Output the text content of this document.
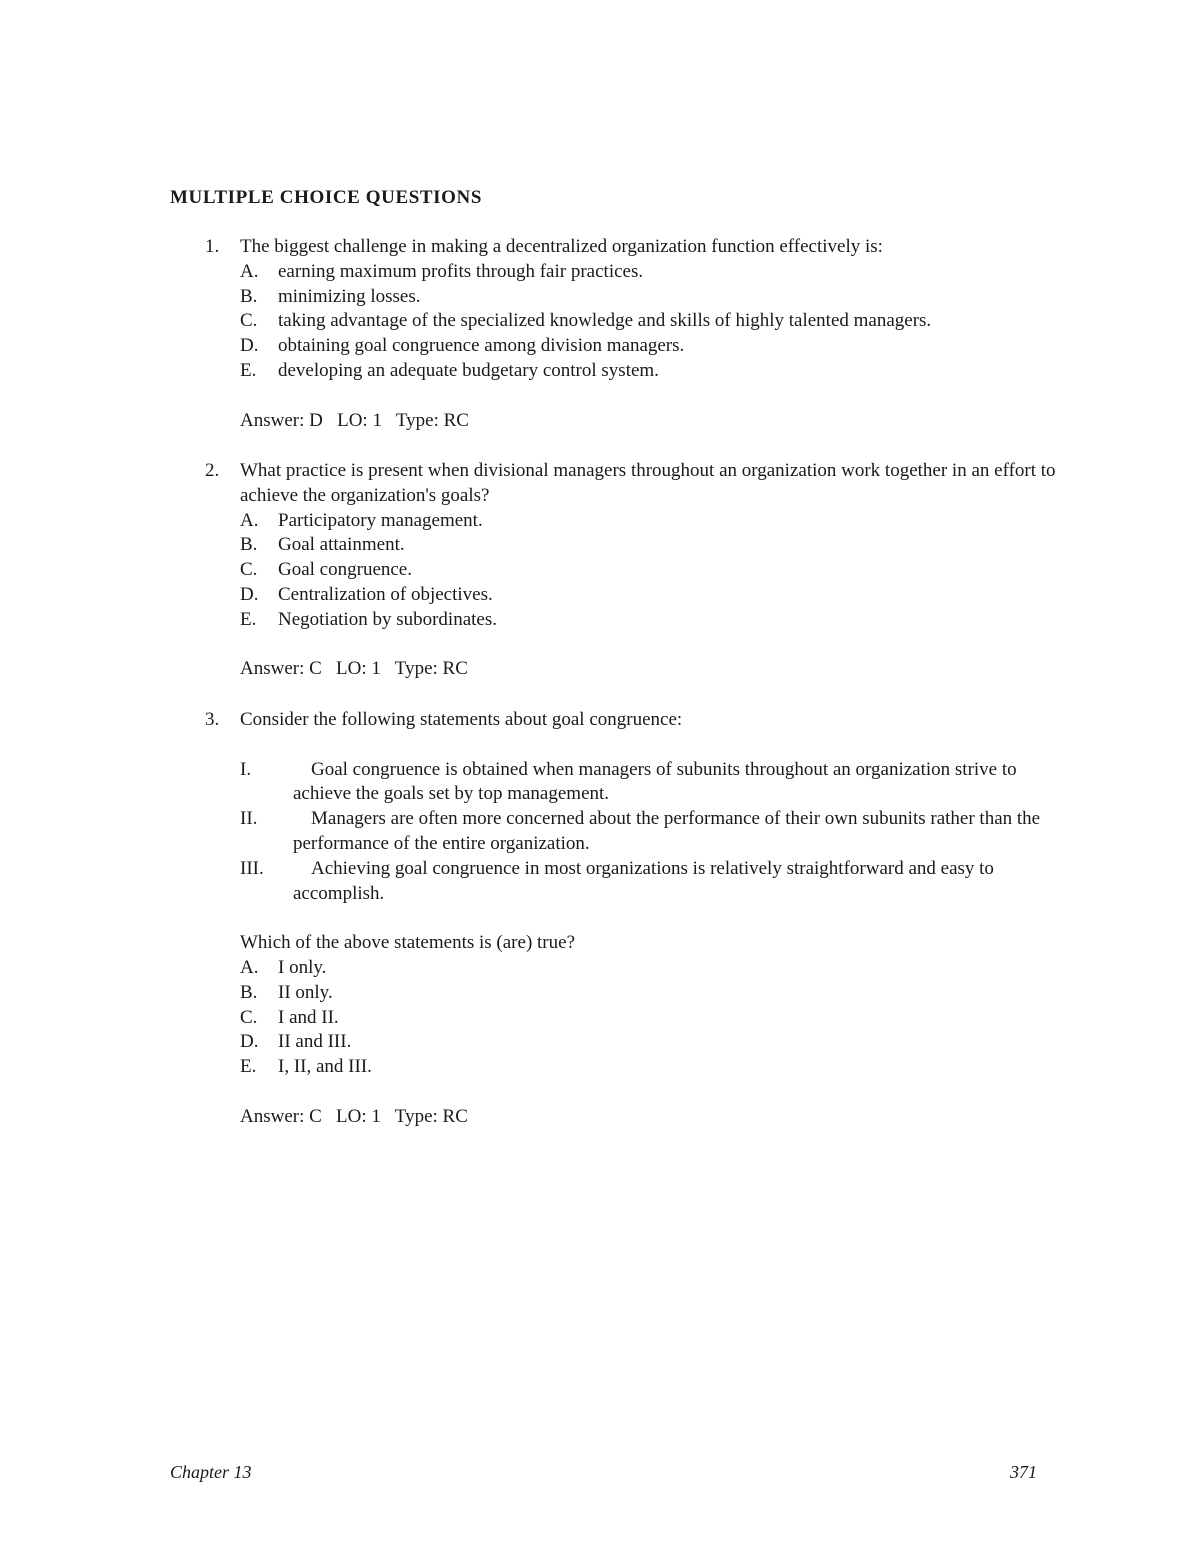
MULTIPLE CHOICE QUESTIONS
1. The biggest challenge in making a decentralized organization function effectively is:
A. earning maximum profits through fair practices.
B. minimizing losses.
C. taking advantage of the specialized knowledge and skills of highly talented managers.
D. obtaining goal congruence among division managers.
E. developing an adequate budgetary control system.
Answer: D   LO: 1   Type: RC
2. What practice is present when divisional managers throughout an organization work together in an effort to achieve the organization's goals?
A. Participatory management.
B. Goal attainment.
C. Goal congruence.
D. Centralization of objectives.
E. Negotiation by subordinates.
Answer: C   LO: 1   Type: RC
3. Consider the following statements about goal congruence:
I.	Goal congruence is obtained when managers of subunits throughout an organization strive to achieve the goals set by top management.
II.	Managers are often more concerned about the performance of their own subunits rather than the performance of the entire organization.
III. Achieving goal congruence in most organizations is relatively straightforward and easy to accomplish.
Which of the above statements is (are) true?
A. I only.
B. II only.
C. I and II.
D. II and III.
E. I, II, and III.
Answer: C   LO: 1   Type: RC
Chapter 13	371
